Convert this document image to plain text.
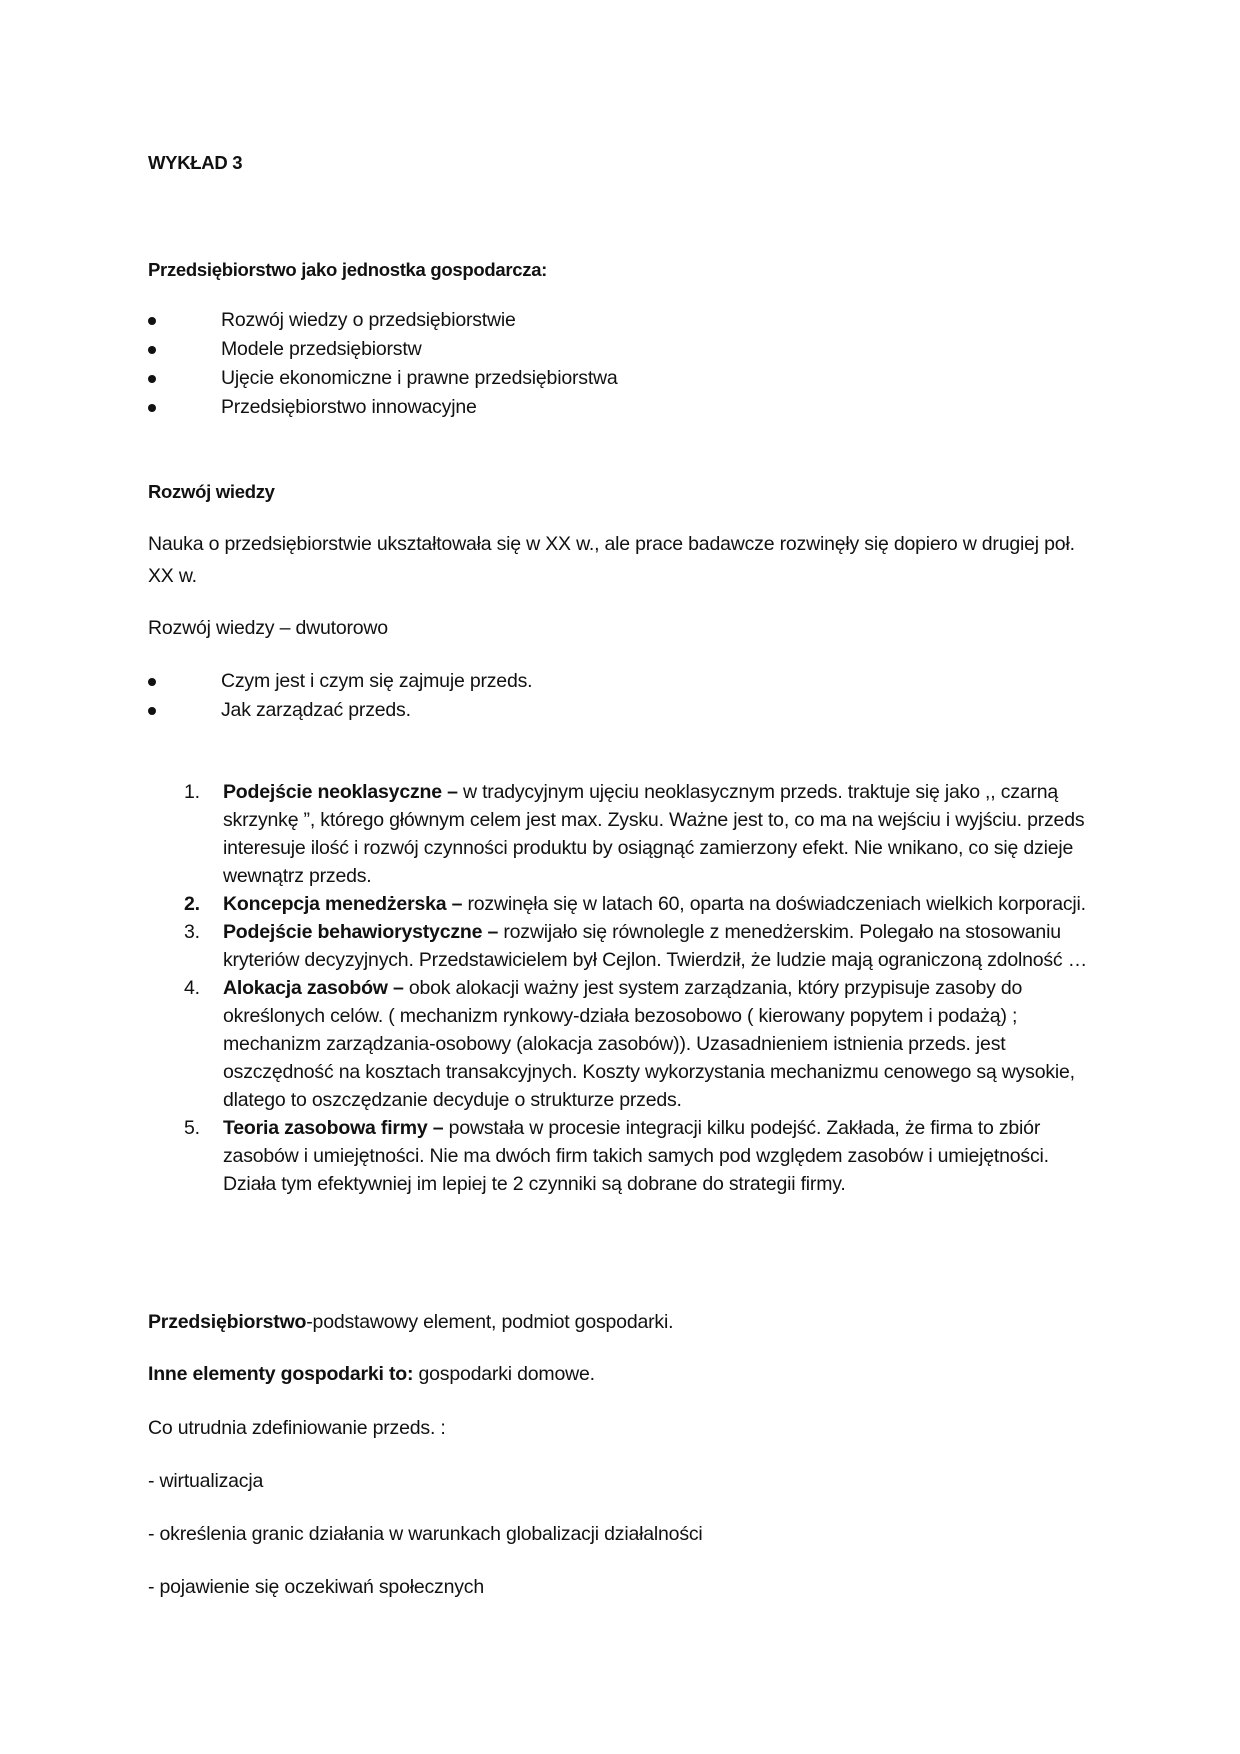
WYKŁAD 3
Przedsiębiorstwo jako jednostka gospodarcza:
Rozwój wiedzy o przedsiębiorstwie
Modele przedsiębiorstw
Ujęcie ekonomiczne i prawne przedsiębiorstwa
Przedsiębiorstwo innowacyjne
Rozwój wiedzy
Nauka o przedsiębiorstwie ukształtowała się w XX w., ale prace badawcze rozwinęły się dopiero w drugiej poł. XX w.
Rozwój wiedzy – dwutorowo
Czym jest i czym się zajmuje przeds.
Jak zarządzać przeds.
1. Podejście neoklasyczne – w tradycyjnym ujęciu neoklasycznym przeds. traktuje się jako ,, czarną skrzynkę ”, którego głównym celem jest max. Zysku. Ważne jest to, co ma na wejściu i wyjściu. przeds interesuje ilość i rozwój czynności produktu by osiągnąć zamierzony efekt. Nie wnikano, co się dzieje wewnątrz przeds.
2. Koncepcja menedżerska – rozwinęła się w latach 60, oparta na doświadczeniach wielkich korporacji.
3. Podejście behawiorystyczne – rozwijało się równolegle z menedżerskim. Polegało na stosowaniu kryteriów decyzyjnych. Przedstawicielem był Cejlon. Twierdził, że ludzie mają ograniczoną zdolność …
4. Alokacja zasobów – obok alokacji ważny jest system zarządzania, który przypisuje zasoby do określonych celów. ( mechanizm rynkowy-działa bezosobowo ( kierowany popytem i podażą) ; mechanizm zarządzania-osobowy (alokacja zasobów)). Uzasadnieniem istnienia przeds. jest oszczędność na kosztach transakcyjnych. Koszty wykorzystania mechanizmu cenowego są wysokie, dlatego to oszczędzanie decyduje o strukturze przeds.
5. Teoria zasobowa firmy – powstała w procesie integracji kilku podejść. Zakłada, że firma to zbiór zasobów i umiejętności. Nie ma dwóch firm takich samych pod względem zasobów i umiejętności. Działa tym efektywniej im lepiej te 2 czynniki są dobrane do strategii firmy.
Przedsiębiorstwo-podstawowy element, podmiot gospodarki.
Inne elementy gospodarki to: gospodarki domowe.
Co utrudnia zdefiniowanie przeds. :
- wirtualizacja
- określenia granic działania w warunkach globalizacji działalności
- pojawienie się oczekiwań społecznych
